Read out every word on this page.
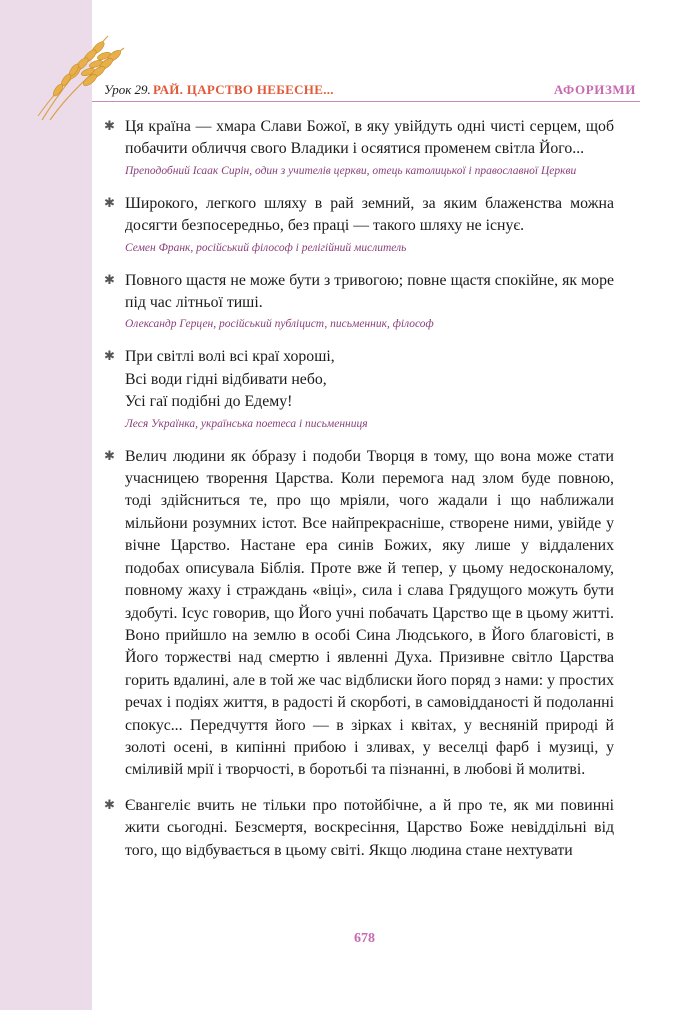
Урок 29. РАЙ. ЦАРСТВО НЕБЕСНЕ...	АФОРИЗМИ
✱ Ця країна — хмара Слави Божої, в яку увійдуть одні чисті серцем, щоб побачити обличчя свого Владики і осяятися променем світла Його...
Преподобний Ісаак Сирін, один з учителів церкви, отець католицької і православної Церкви
✱ Широкого, легкого шляху в рай земний, за яким блаженства можна досягти безпосередньо, без праці — такого шляху не існує.
Семен Франк, російський філософ і релігійний мислитель
✱ Повного щастя не може бути з тривогою; повне щастя спокійне, як море під час літньої тиші.
Олександр Герцен, російський публіцист, письменник, філософ
✱ При світлі волі всі краї хороші,
Всі води гідні відбивати небо,
Усі гаї подібні до Едему!
Леся Українка, українська поетеса і письменниця
✱ Велич людини як óбразу і подоби Творця в тому, що вона може стати учасницею творення Царства. Коли перемога над злом буде повною, тоді здійсниться те, про що мріяли, чого жадали і що наближали мільйони розумних істот. Все найпрекрасніше, створене ними, увійде у вічне Царство. Настане ера синів Божих, яку лише у віддалених подобах описувала Біблія. Проте вже й тепер, у цьому недосконалому, повному жаху і страждань «віці», сила і слава Грядущого можуть бути здобуті. Ісус говорив, що Його учні побачать Царство ще в цьому житті. Воно прийшло на землю в особі Сина Людського, в Його благовісті, в Його торжестві над смертю і явленні Духа. Призивне світло Царства горить вдалині, але в той же час відблиски його поряд з нами: у простих речах і подіях життя, в радості й скорботі, в самовідданості й подоланні спокус... Передчуття його — в зірках і квітах, у весняній природі й золоті осені, в кипінні прибою і зливах, у веселці фарб і музиці, у сміливій мрії і творчості, в боротьбі та пізнанні, в любові й молитві.
✱ Євангеліє вчить не тільки про потойбічне, а й про те, як ми повинні жити сьогодні. Безсмертя, воскресіння, Царство Боже невіддільні від того, що відбувається в цьому світі. Якщо людина стане нехтувати
678
